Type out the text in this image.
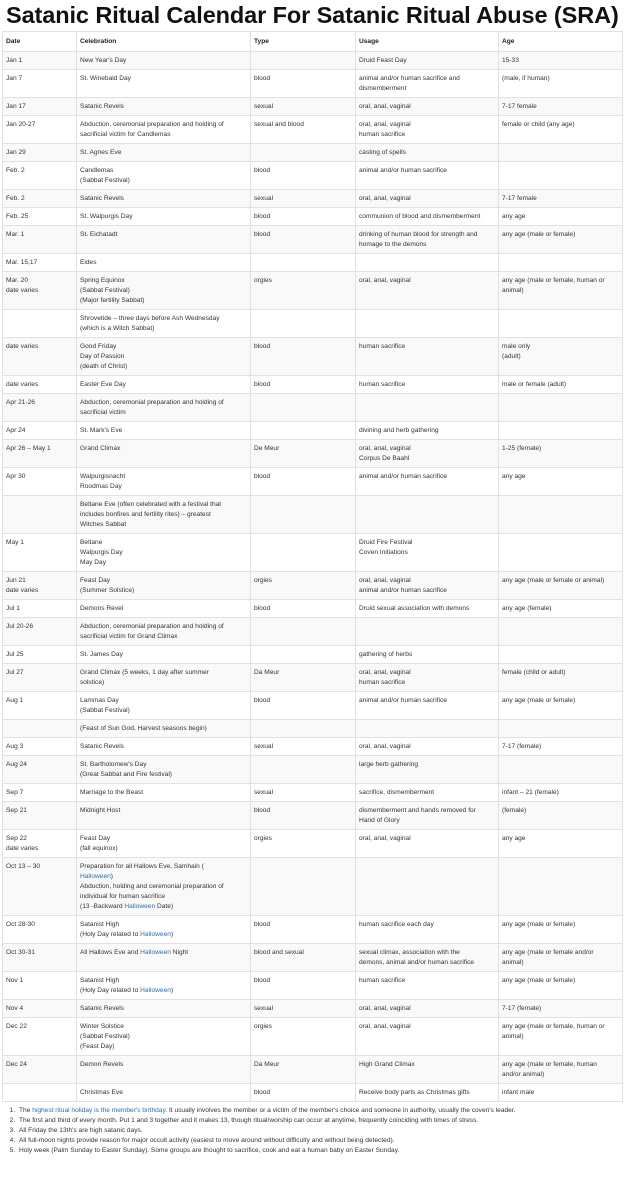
Satanic Ritual Calendar For Satanic Ritual Abuse (SRA)
Date	Celebration	Type	Usage	Age

Jan 1	New Year's Day		Druid Feast Day	15-33

Jan 7	St. Winebald Day	blood	animal and/or human sacrifice and
dismemberment	(male, if human)

Jan 17	Satanic Revels	sexual	oral, anal, vaginal	7-17 female

Jan 20-27	Abduction, ceremonial preparation and holding of
sacrificial victim for Candlemas	sexual and blood	oral, anal, vaginal
human sacrifice	female or child (any age)

Jan 29	St. Agnes Eve		casting of spells	

Feb. 2	Candlemas
(Sabbat Festival)	blood	animal and/or human sacrifice	

Feb. 2	Satanic Revels	sexual	oral, anal, vaginal	7-17 female

Feb. 25	St. Walpurgis Day	blood	communion of blood and dismemberment	any age

Mar. 1	St. Eichatadt	blood	drinking of human blood for strength and
homage to the demons	any age (male or female)

Mar. 15,17	Eides			

Mar. 20
date varies	Spring Equinox
(Sabbat Festival)
(Major fertility Sabbat)	orgies	oral, anal, vaginal	any age (male or female, human or
animal)

	Shrovetide – three days before Ash Wednesday
(which is a Witch Sabbat)			

date varies	Good Friday
Day of Passion
(death of Christ)	blood	human sacrifice	male only
(adult)

date varies	Easter Eve Day	blood	human sacrifice	male or female (adult)

Apr 21-26	Abduction, ceremonial preparation and holding of
sacrificial victim			

Apr 24	St. Mark's Eve		divining and herb gathering	

Apr 26 – May 1	Grand Climax	De Meur	oral, anal, vaginal
Corpus De Baahl	1-25 (female)

Apr 30	Walpurgisnacht
Roodmas Day	blood	animal and/or human sacrifice	any age

	Beltane Eve (often celebrated with a festival that
includes bonfires and fertility rites) – greatest
Witches Sabbat			

May 1	Beltane
Walpurgis Day
May Day		Druid Fire Festival
Coven Initiations	

Jun 21
date varies	Feast Day
(Summer Solstice)	orgies	oral, anal, vaginal
animal and/or human sacrifice	any age (male or female or animal)

Jul 1	Demons Revel	blood	Druid sexual association with demons	any age (female)

Jul 20-26	Abduction, ceremonial preparation and holding of
sacrificial victim for Grand Climax			

Jul 25	St. James Day		gathering of herbs	

Jul 27	Grand Climax (5 weeks, 1 day after summer
solstice)	Da Meur	oral, anal, vaginal
human sacrifice	female (child or adult)

Aug 1	Lammas Day
(Sabbat Festival)	blood	animal and/or human sacrifice	any age (male or female)

	(Feast of Sun God, Harvest seasons begin)			

Aug 3	Satanic Revels	sexual	oral, anal, vaginal	7-17 (female)

Aug 24	St. Bartholomew's Day
(Great Sabbat and Fire festival)		large herb gathering	

Sep 7	Marriage to the Beast	sexual	sacrifice, dismemberment	infant – 21 (female)

Sep 21	Midnight Host	blood	dismemberment and hands removed for
Hand of Glory	(female)

Sep 22
date varies	Feast Day
(fall equinox)	orgies	oral, anal, vaginal	any age

Oct 13 – 30	Preparation for all Hallows Eve, Samhain (
Halloween)
Abduction, holding and ceremonial preparation of
individual for human sacrifice
(13 -Backward Halloween Date)			

Oct 28-30	Satanist High
(Holy Day related to Halloween)	blood	human sacrifice each day	any age (male or female)

Oct 30-31	All Hallows Eve and Halloween Night	blood and sexual	sexual climax, association with the
demons, animal and/or human sacrifice	any age (male or female and/or
animal)

Nov 1	Satanist High
(Holy Day related to Halloween)	blood	human sacrifice	any age (male or female)

Nov 4	Satanic Revels	sexual	oral, anal, vaginal	7-17 (female)

Dec 22	Winter Solstice
(Sabbat Festival)
(Feast Day)	orgies	oral, anal, vaginal	any age (male or female, human or
animal)

Dec 24	Demon Revels	Da Meur	High Grand Climax	any age (male or female, human
and/or animal)

	Christmas Eve	blood	Receive body parts as Christmas gifts	infant male
1. The highest ritual holiday is the member's birthday. It usually involves the member or a victim of the member's choice and someone in authority, usually the coven's leader.
2. The first and third of every month. Put 1 and 3 together and it makes 13, though ritual/worship can occur at anytime, frequently coinciding with times of stress.
3. All Friday the 13th's are high satanic days.
4. All full-moon nights provide reason for major occult activity (easiest to move around without difficulty and without being detected).
5. Holy week (Palm Sunday to Easter Sunday). Some groups are thought to sacrifice, cook and eat a human baby on Easter Sunday.
